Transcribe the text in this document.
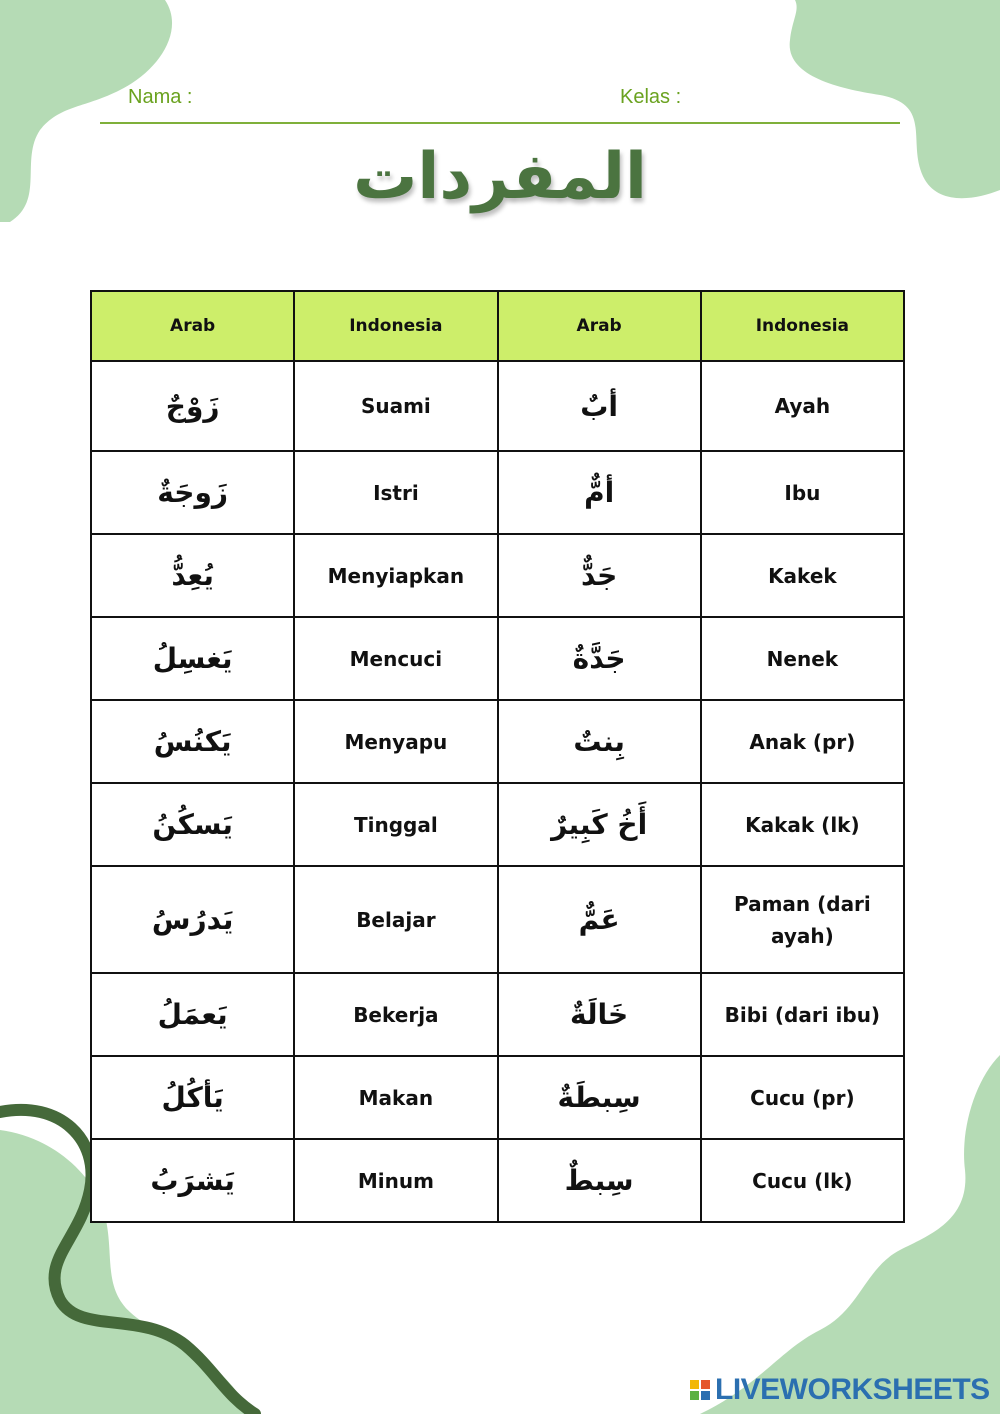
Nama :	Kelas :
المفردات
Arab	Indonesia	Arab	Indonesia
زَوْجٌ	Suami	أبٌ	Ayah
زَوجَةٌ	Istri	أمٌّ	Ibu
يُعِدُّ	Menyiapkan	جَدٌّ	Kakek
يَغسِلُ	Mencuci	جَدَّةٌ	Nenek
يَكنُسُ	Menyapu	بِنتٌ	Anak (pr)
يَسكُنُ	Tinggal	أَخُ كَبِيرٌ	Kakak (lk)
يَدرُسُ	Belajar	عَمٌّ	Paman (dari ayah)
يَعمَلُ	Bekerja	خَالَةٌ	Bibi (dari ibu)
يَأكُلُ	Makan	سِبطَةٌ	Cucu (pr)
يَشرَبُ	Minum	سِبطٌ	Cucu (lk)
LIVEWORKSHEETS
